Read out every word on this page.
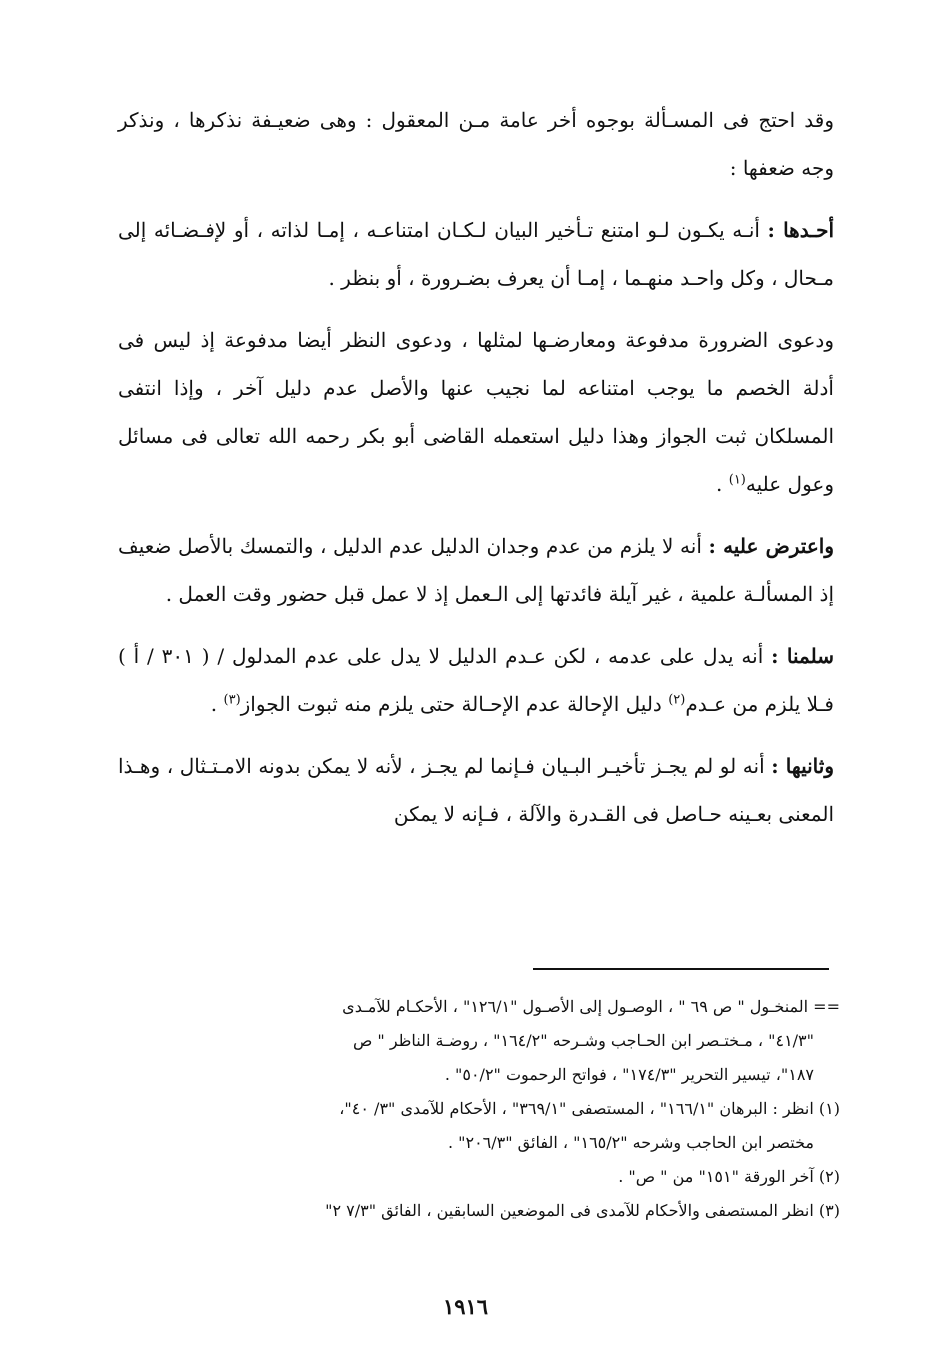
وقد احتج فى المسـألة بوجوه أخر عامة مـن المعقول : وهى ضعيـفة نذكرها ، ونذكر وجه ضعفها :

أحـدها : أنـه يكـون لـو امتنع تـأخير البيان لـكـان امتناعـه ، إمـا لذاته ، أو لإفـضـائه إلى مـحال ، وكل واحـد منهـما ، إمـا أن يعرف بضـرورة ، أو بنظر .

ودعوى الضرورة مدفوعة ومعارضـها لمثلها ، ودعوى النظر أيضا مدفوعة إذ ليس فى أدلة الخصم ما يوجب امتناعه لما نجيب عنها والأصل عدم دليل آخر ، وإذا انتفى المسلكان ثبت الجواز وهذا دليل استعمله القاضى أبو بكر رحمه الله تعالى فى مسائل وعول عليه$^{(١)}$ .

واعترض عليه : أنه لا يلزم من عدم وجدان الدليل عدم الدليل ، والتمسك بالأصل ضعيف إذ المسألـة علمية ، غير آيلة فائدتها إلى الـعمل إذ لا عمل قبل حضور وقت العمل .

سلمنا : أنه يدل على عدمه ، لكن عـدم الدليل لا يدل على عدم المدلول / ( ٣٠١ / أ ) فـلا يلزم من عـدم$^{(٢)}$ دليل الإحالة عدم الإحـالة حتى يلزم منه ثبوت الجواز$^{(٣)}$ .

وثانيها : أنه لو لم يجـز تأخيـر البـيان فـإنما لم يجـز ، لأنه لا يمكن بدونه الامـتـثال ، وهـذا المعنى بعـينه حـاصل فى القـدرة والآلة ، فـإنه لا يمكن

== المنخـول " ص ٦٩ " ، الوصـول إلى الأصـول "١٢٦/١" ، الأحكـام للآمـدى

"٤١/٣" ، مـختـصر ابن الحـاجب وشـرحه "١٦٤/٢" ، روضـة الناظر " ص

١٨٧"، تيسير التحرير "١٧٤/٣" ، فواتح الرحموت "٥٠/٢" .

(١) انظر : البرهان "١٦٦/١" ، المستصفى "٣٦٩/١" ، الأحكام للآمدى "٣/ ٤٠"،

مختصر ابن الحاجب وشرحه "١٦٥/٢" ، الفائق "٢٠٦/٣" .

(٢) آخر الورقة "١٥١" من " ص" .

(٣) انظر المستصفى والأحكام للآمدى فى الموضعين السابقين ، الفائق "٧/٣ ٢"

١٩١٦
